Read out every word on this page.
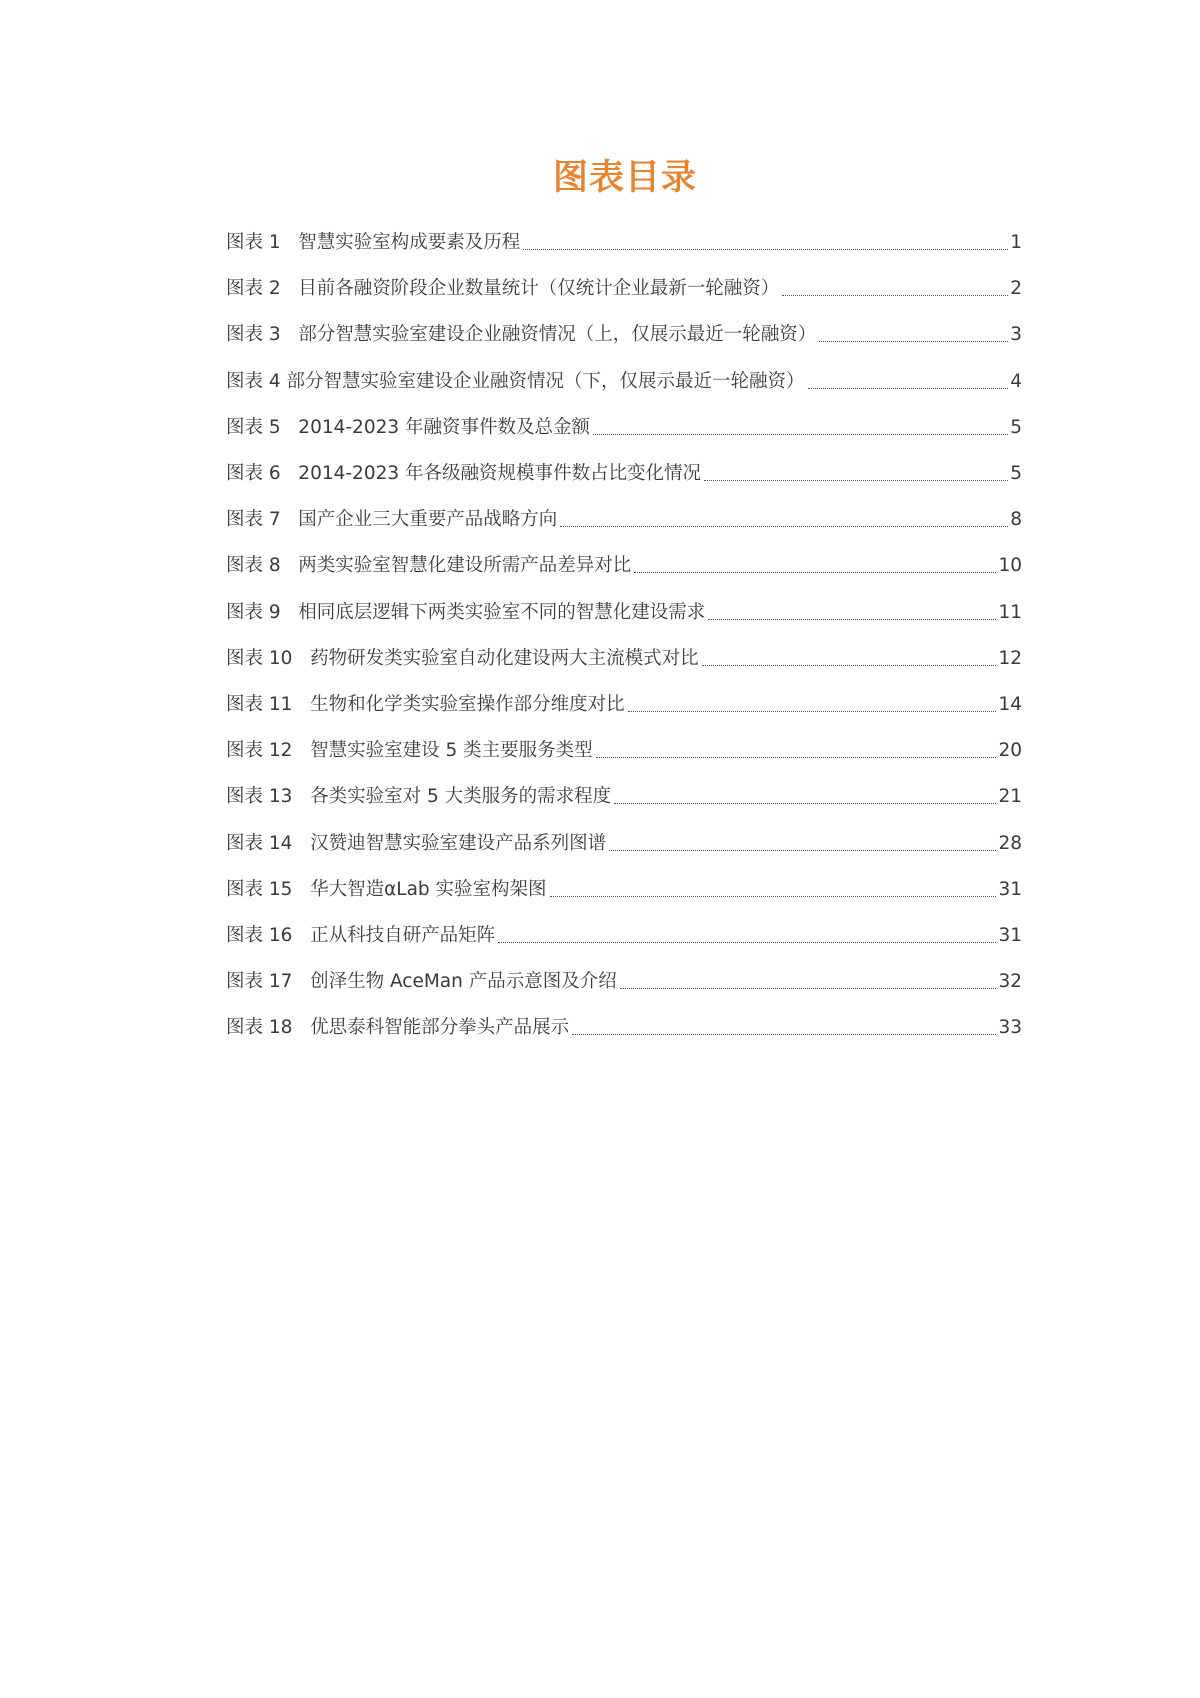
图表目录
图表 1 智慧实验室构成要素及历程	1
图表 2 目前各融资阶段企业数量统计（仅统计企业最新一轮融资）	2
图表 3 部分智慧实验室建设企业融资情况（上，仅展示最近一轮融资）	3
图表 4 部分智慧实验室建设企业融资情况（下，仅展示最近一轮融资）	4
图表 5 2014-2023 年融资事件数及总金额	5
图表 6 2014-2023 年各级融资规模事件数占比变化情况	5
图表 7 国产企业三大重要产品战略方向	8
图表 8 两类实验室智慧化建设所需产品差异对比	10
图表 9 相同底层逻辑下两类实验室不同的智慧化建设需求	11
图表 10 药物研发类实验室自动化建设两大主流模式对比	12
图表 11 生物和化学类实验室操作部分维度对比	14
图表 12 智慧实验室建设 5 类主要服务类型	20
图表 13 各类实验室对 5 大类服务的需求程度	21
图表 14 汉赞迪智慧实验室建设产品系列图谱	28
图表 15 华大智造αLab 实验室构架图	31
图表 16 正从科技自研产品矩阵	31
图表 17 创泽生物 AceMan 产品示意图及介绍	32
图表 18 优思泰科智能部分拳头产品展示	33
